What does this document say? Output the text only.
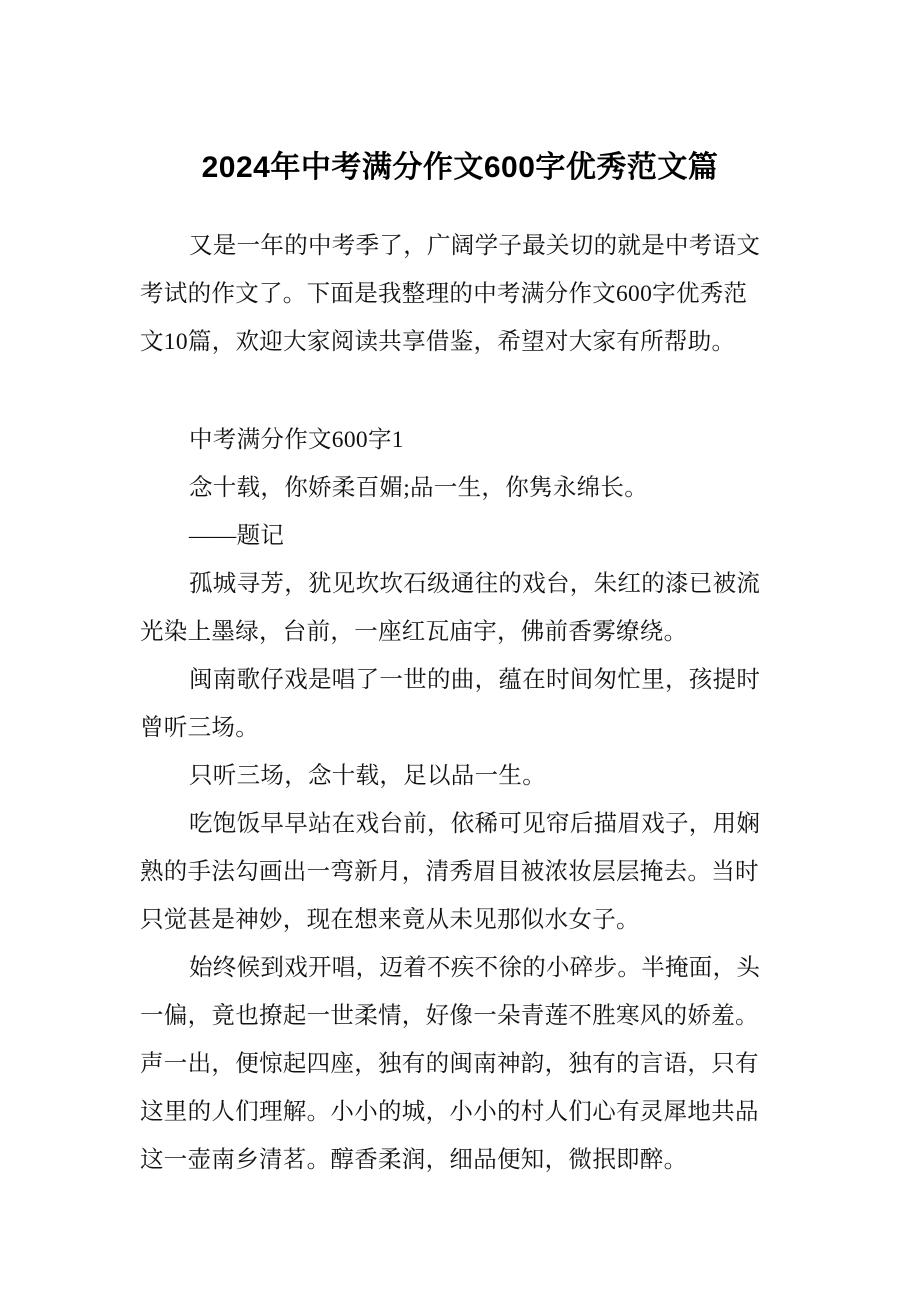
2024年中考满分作文600字优秀范文篇
又是一年的中考季了，广阔学子最关切的就是中考语文
考试的作文了。下面是我整理的中考满分作文600字优秀范
文10篇，欢迎大家阅读共享借鉴，希望对大家有所帮助。
中考满分作文600字1
念十载，你娇柔百媚;品一生，你隽永绵长。
——题记
孤城寻芳，犹见坎坎石级通往的戏台，朱红的漆已被流
光染上墨绿，台前，一座红瓦庙宇，佛前香雾缭绕。
闽南歌仔戏是唱了一世的曲，蕴在时间匆忙里，孩提时
曾听三场。
只听三场，念十载，足以品一生。
吃饱饭早早站在戏台前，依稀可见帘后描眉戏子，用娴
熟的手法勾画出一弯新月，清秀眉目被浓妆层层掩去。当时
只觉甚是神妙，现在想来竟从未见那似水女子。
始终候到戏开唱，迈着不疾不徐的小碎步。半掩面，头
一偏，竟也撩起一世柔情，好像一朵青莲不胜寒风的娇羞。
声一出，便惊起四座，独有的闽南神韵，独有的言语，只有
这里的人们理解。小小的城，小小的村人们心有灵犀地共品
这一壶南乡清茗。醇香柔润，细品便知，微抿即醉。
